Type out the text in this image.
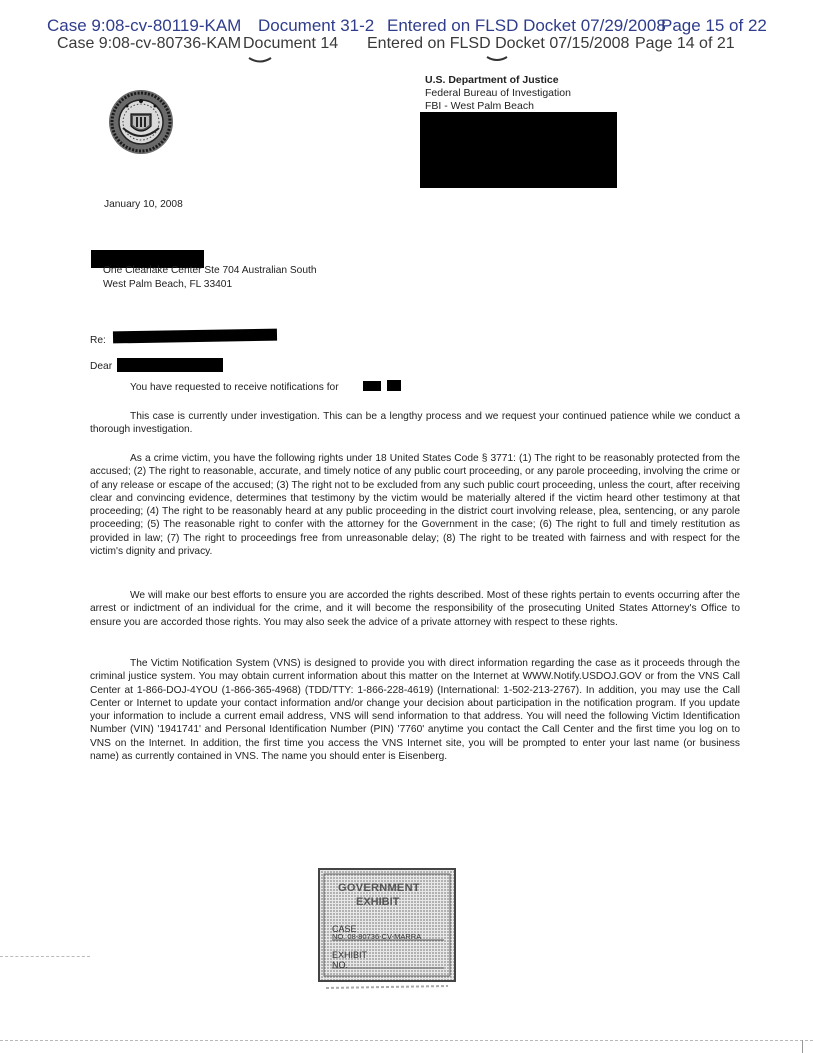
Case 9:08-cv-80119-KAM Document 31-2 Entered on FLSD Docket 07/29/2008
Page 15 of 22
Case 9:08-cv-80736-KAM Document 14 Entered on FLSD Docket 07/15/2008 Page 14 of 21
U.S. Department of Justice
Federal Bureau of Investigation
FBI - West Palm Beach
January 10, 2008
One Clearlake Center Ste 704 Australian South
West Palm Beach, FL 33401
Re:
Dear
You have requested to receive notifications for
This case is currently under investigation. This can be a lengthy process and we request your continued patience while we conduct a thorough investigation.
As a crime victim, you have the following rights under 18 United States Code § 3771: (1) The right to be reasonably protected from the accused; (2) The right to reasonable, accurate, and timely notice of any public court proceeding, or any parole proceeding, involving the crime or of any release or escape of the accused; (3) The right not to be excluded from any such public court proceeding, unless the court, after receiving clear and convincing evidence, determines that testimony by the victim would be materially altered if the victim heard other testimony at that proceeding; (4) The right to be reasonably heard at any public proceeding in the district court involving release, plea, sentencing, or any parole proceeding; (5) The reasonable right to confer with the attorney for the Government in the case; (6) The right to full and timely restitution as provided in law; (7) The right to proceedings free from unreasonable delay; (8) The right to be treated with fairness and with respect for the victim's dignity and privacy.
We will make our best efforts to ensure you are accorded the rights described. Most of these rights pertain to events occurring after the arrest or indictment of an individual for the crime, and it will become the responsibility of the prosecuting United States Attorney's Office to ensure you are accorded those rights. You may also seek the advice of a private attorney with respect to these rights.
The Victim Notification System (VNS) is designed to provide you with direct information regarding the case as it proceeds through the criminal justice system. You may obtain current information about this matter on the Internet at WWW.Notify.USDOJ.GOV or from the VNS Call Center at 1-866-DOJ-4YOU (1-866-365-4968) (TDD/TTY: 1-866-228-4619) (International: 1-502-213-2767). In addition, you may use the Call Center or Internet to update your contact information and/or change your decision about participation in the notification program. If you update your information to include a current email address, VNS will send information to that address. You will need the following Victim Identification Number (VIN) '1941741' and Personal Identification Number (PIN) '7760' anytime you contact the Call Center and the first time you log on to VNS on the Internet. In addition, the first time you access the VNS Internet site, you will be prompted to enter your last name (or business name) as currently contained in VNS. The name you should enter is Eisenberg.
GOVERNMENT
EXHIBIT
CASE
NO. 08-80736-CV-MARRA
EXHIBIT
NO.
